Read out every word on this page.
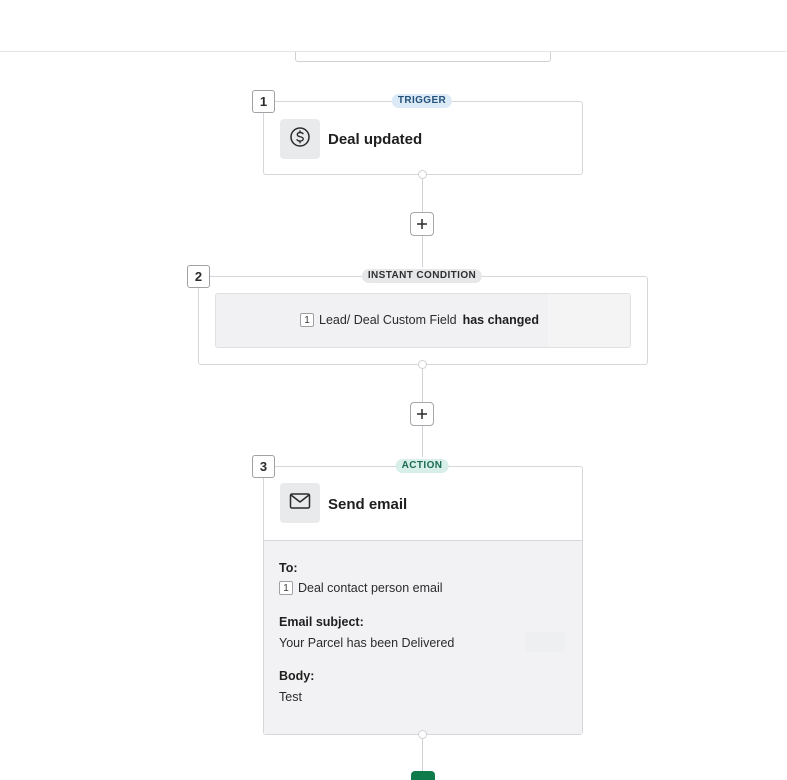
Deal updated
1	TRIGGER
1 Lead/ Deal Custom Field has changed
2	INSTANT CONDITION
Send email
To:
1 Deal contact person email
Email subject:
Your Parcel has been Delivered
Body:
Test
3	ACTION
